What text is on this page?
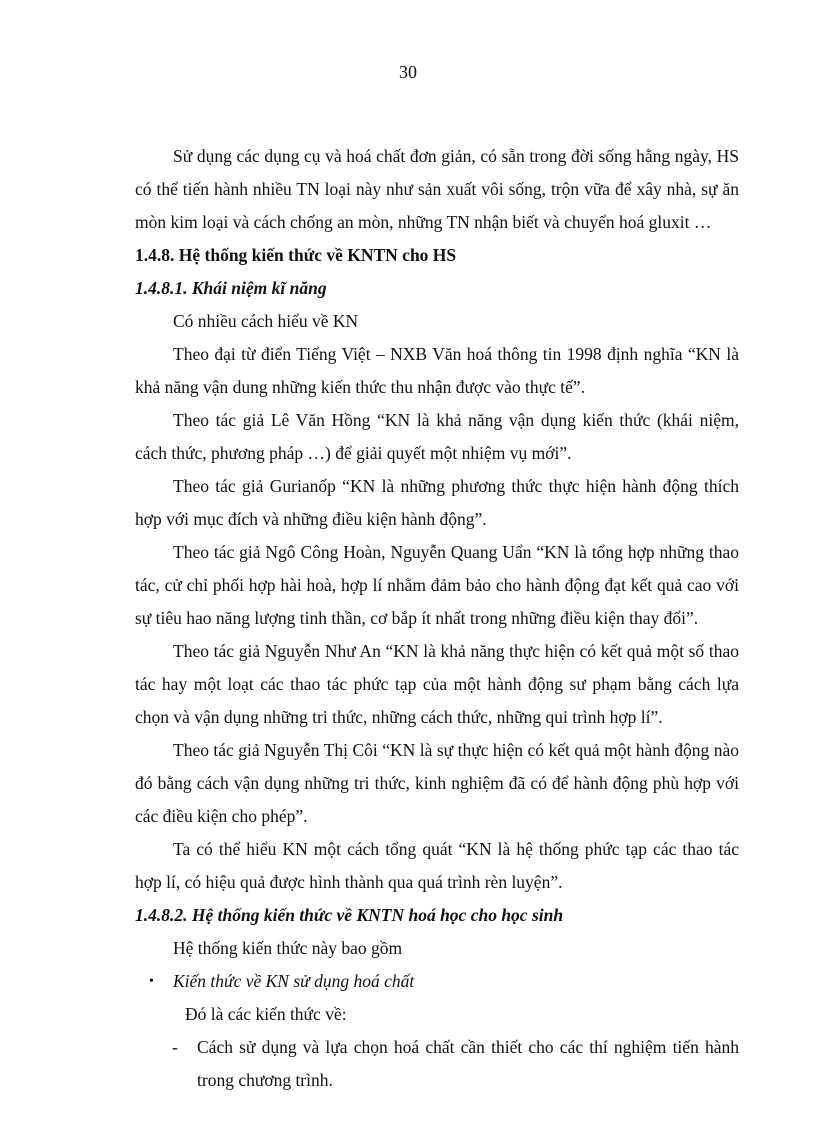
30

Sử dụng các dụng cụ và hoá chất đơn giản, có sẵn trong đời sống hằng ngày, HS có thể tiến hành nhiều TN loại này như sản xuất vôi sống, trộn vữa để xây nhà, sự ăn mòn kim loại và cách chống an mòn, những TN nhận biết và chuyển hoá gluxit …

1.4.8. Hệ thống kiến thức về KNTN cho HS

1.4.8.1. Khái niệm kĩ năng

Có nhiều cách hiểu về KN

Theo đại từ điển Tiếng Việt – NXB Văn hoá thông tin 1998 định nghĩa “KN là khả năng vận dung những kiến thức thu nhận được vào thực tế”.

Theo tác giả Lê Văn Hồng “KN là khả năng vận dụng kiến thức (khái niệm, cách thức, phương pháp …) để giải quyết một nhiệm vụ mới”.

Theo tác giả Gurianốp “KN là những phương thức thực hiện hành động thích hợp với mục đích và những điều kiện hành động”.

Theo tác giả Ngô Công Hoàn, Nguyễn Quang Uẩn “KN là tổng hợp những thao tác, cử chỉ phối hợp hài hoà, hợp lí nhằm đảm bảo cho hành động đạt kết quả cao với sự tiêu hao năng lượng tinh thần, cơ bắp ít nhất trong những điều kiện thay đổi”.

Theo tác giả Nguyễn Như An “KN là khả năng thực hiện có kết quả một số thao tác hay một loạt các thao tác phức tạp của một hành động sư phạm bằng cách lựa chọn và vận dụng những tri thức, những cách thức, những qui trình hợp lí”.

Theo tác giả Nguyễn Thị Côi “KN là sự thực hiện có kết quả một hành động nào đó bằng cách vận dụng những tri thức, kinh nghiệm đã có để hành động phù hợp với các điều kiện cho phép”.

Ta có thể hiểu KN một cách tổng quát “KN là hệ thống phức tạp các thao tác hợp lí, có hiệu quả được hình thành qua quá trình rèn luyện”.

1.4.8.2. Hệ thống kiến thức về KNTN hoá học cho học sinh

Hệ thống kiến thức này bao gồm

• Kiến thức về KN sử dụng hoá chất

Đó là các kiến thức về:

- Cách sử dụng và lựa chọn hoá chất cần thiết cho các thí nghiệm tiến hành trong chương trình.
